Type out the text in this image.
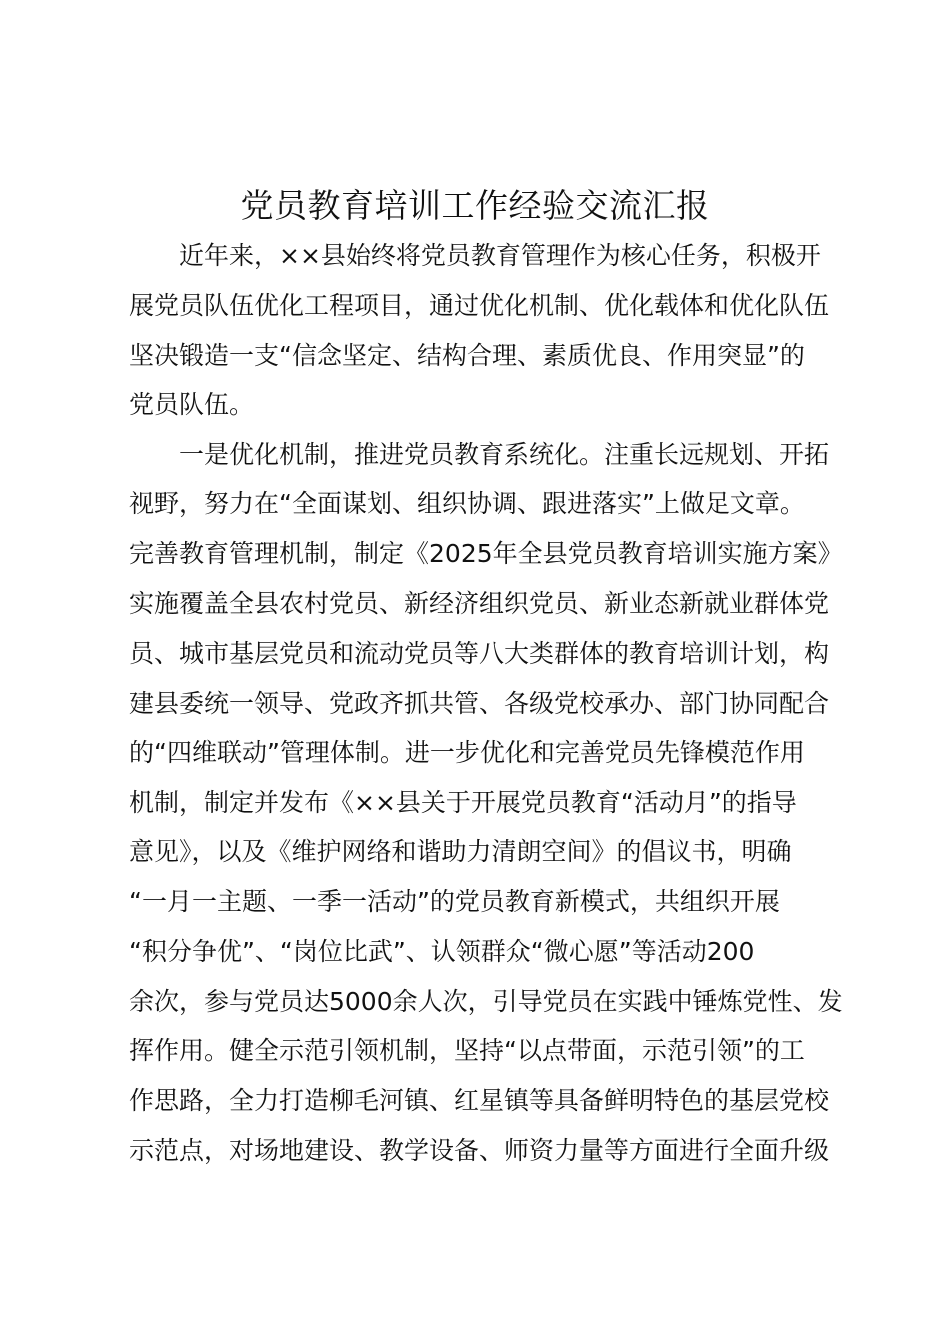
党员教育培训工作经验交流汇报

　　近年来，××县始终将党员教育管理作为核心任务，积极开

展党员队伍优化工程项目，通过优化机制、优化载体和优化队伍

坚决锻造一支“信念坚定、结构合理、素质优良、作用突显”的

党员队伍。

　　一是优化机制，推进党员教育系统化。注重长远规划、开拓

视野，努力在“全面谋划、组织协调、跟进落实”上做足文章。

完善教育管理机制，制定《2025年全县党员教育培训实施方案》

实施覆盖全县农村党员、新经济组织党员、新业态新就业群体党

员、城市基层党员和流动党员等八大类群体的教育培训计划，构

建县委统一领导、党政齐抓共管、各级党校承办、部门协同配合

的“四维联动”管理体制。进一步优化和完善党员先锋模范作用

机制，制定并发布《××县关于开展党员教育“活动月”的指导

意见》，以及《维护网络和谐助力清朗空间》的倡议书，明确

“一月一主题、一季一活动”的党员教育新模式，共组织开展

“积分争优”、“岗位比武”、认领群众“微心愿”等活动200

余次，参与党员达5000余人次，引导党员在实践中锤炼党性、发

挥作用。健全示范引领机制，坚持“以点带面，示范引领”的工

作思路，全力打造柳毛河镇、红星镇等具备鲜明特色的基层党校

示范点，对场地建设、教学设备、师资力量等方面进行全面升级
